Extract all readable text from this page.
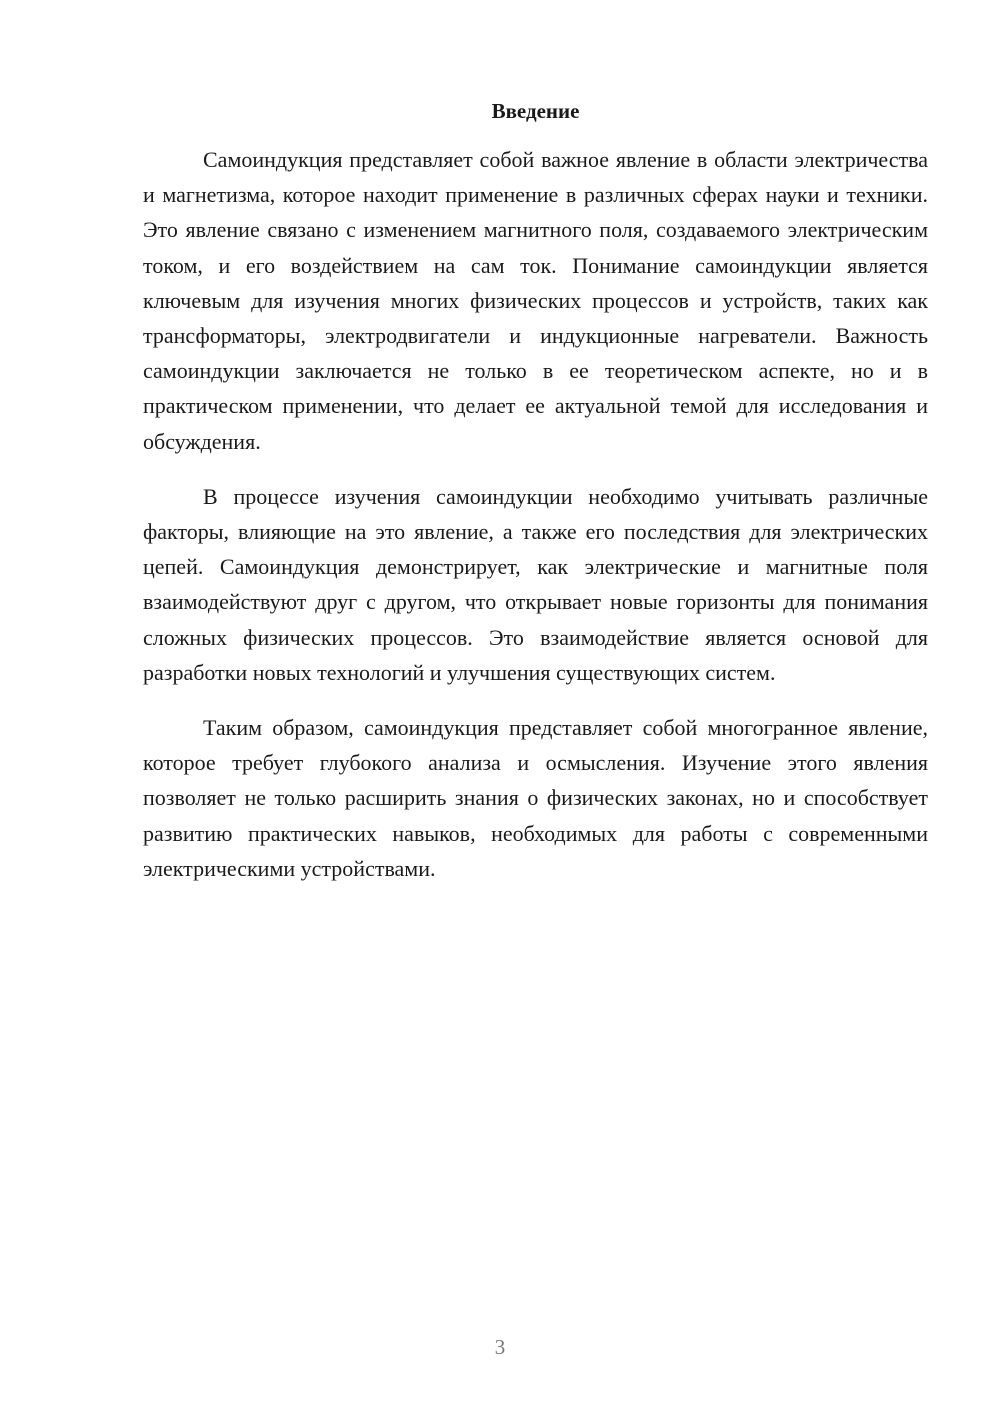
Введение

Самоиндукция представляет собой важное явление в области электричества и магнетизма, которое находит применение в различных сферах науки и техники. Это явление связано с изменением магнитного поля, создаваемого электрическим током, и его воздействием на сам ток. Понимание самоиндукции является ключевым для изучения многих физических процессов и устройств, таких как трансформаторы, электродвигатели и индукционные нагреватели. Важность самоиндукции заключается не только в ее теоретическом аспекте, но и в практическом применении, что делает ее актуальной темой для исследования и обсуждения.

В процессе изучения самоиндукции необходимо учитывать различные факторы, влияющие на это явление, а также его последствия для электрических цепей. Самоиндукция демонстрирует, как электрические и магнитные поля взаимодействуют друг с другом, что открывает новые горизонты для понимания сложных физических процессов. Это взаимодействие является основой для разработки новых технологий и улучшения существующих систем.

Таким образом, самоиндукция представляет собой многогранное явление, которое требует глубокого анализа и осмысления. Изучение этого явления позволяет не только расширить знания о физических законах, но и способствует развитию практических навыков, необходимых для работы с современными электрическими устройствами.

3
